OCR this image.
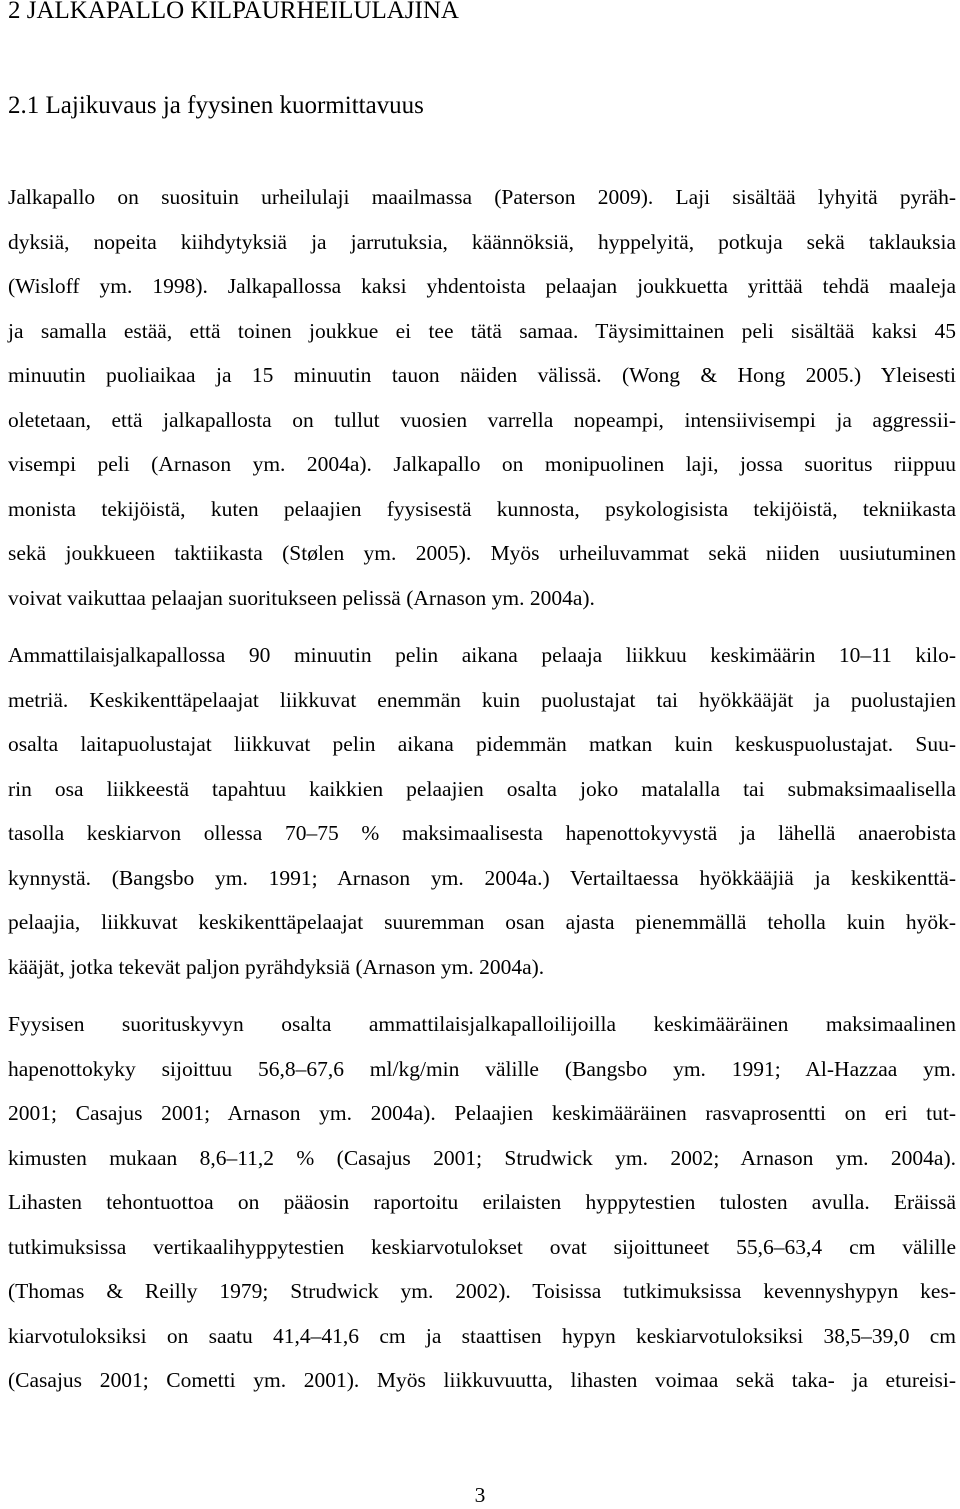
2 JALKAPALLO KILPAURHEILULAJINA
2.1 Lajikuvaus ja fyysinen kuormittavuus
Jalkapallo on suosituin urheilulaji maailmassa (Paterson 2009). Laji sisältää lyhyitä pyräh-
dyksiä, nopeita kiihdytyksiä ja jarrutuksia, käännöksiä, hyppelyitä, potkuja sekä taklauksia
(Wisloff ym. 1998). Jalkapallossa kaksi yhdentoista pelaajan joukkuetta yrittää tehdä maaleja
ja samalla estää, että toinen joukkue ei tee tätä samaa. Täysimittainen peli sisältää kaksi 45
minuutin puoliaikaa ja 15 minuutin tauon näiden välissä. (Wong & Hong 2005.) Yleisesti
oletetaan, että jalkapallosta on tullut vuosien varrella nopeampi, intensiivisempi ja aggressii-
visempi peli (Arnason ym. 2004a). Jalkapallo on monipuolinen laji, jossa suoritus riippuu
monista tekijöistä, kuten pelaajien fyysisestä kunnosta, psykologisista tekijöistä, tekniikasta
sekä joukkueen taktiikasta (Stølen ym. 2005). Myös urheiluvammat sekä niiden uusiutuminen
voivat vaikuttaa pelaajan suoritukseen pelissä (Arnason ym. 2004a).
Ammattilaisjalkapallossa 90 minuutin pelin aikana pelaaja liikkuu keskimäärin 10–11 kilo-
metriä. Keskikenttäpelaajat liikkuvat enemmän kuin puolustajat tai hyökkääjät ja puolustajien
osalta laitapuolustajat liikkuvat pelin aikana pidemmän matkan kuin keskuspuolustajat. Suu-
rin osa liikkeestä tapahtuu kaikkien pelaajien osalta joko matalalla tai submaksimaalisella
tasolla keskiarvon ollessa 70–75 % maksimaalisesta hapenottokyvystä ja lähellä anaerobista
kynnystä. (Bangsbo ym. 1991; Arnason ym. 2004a.) Vertailtaessa hyökkääjiä ja keskikenttä-
pelaajia, liikkuvat keskikenttäpelaajat suuremman osan ajasta pienemmällä teholla kuin hyök-
kääjät, jotka tekevät paljon pyrähdyksiä (Arnason ym. 2004a).
Fyysisen suorituskyvyn osalta ammattilaisjalkapalloilijoilla keskimääräinen maksimaalinen
hapenottokyky sijoittuu 56,8–67,6 ml/kg/min välille (Bangsbo ym. 1991; Al-Hazzaa ym.
2001; Casajus 2001; Arnason ym. 2004a). Pelaajien keskimääräinen rasvaprosentti on eri tut-
kimusten mukaan 8,6–11,2 % (Casajus 2001; Strudwick ym. 2002; Arnason ym. 2004a).
Lihasten tehontuottoa on pääosin raportoitu erilaisten hyppytestien tulosten avulla. Eräissä
tutkimuksissa vertikaalihyppytestien keskiarvotulokset ovat sijoittuneet 55,6–63,4 cm välille
(Thomas & Reilly 1979; Strudwick ym. 2002). Toisissa tutkimuksissa kevennyshypyn kes-
kiarvotuloksiksi on saatu 41,4–41,6 cm ja staattisen hypyn keskiarvotuloksiksi 38,5–39,0 cm
(Casajus 2001; Cometti ym. 2001). Myös liikkuvuutta, lihasten voimaa sekä taka- ja etureisi-
3
